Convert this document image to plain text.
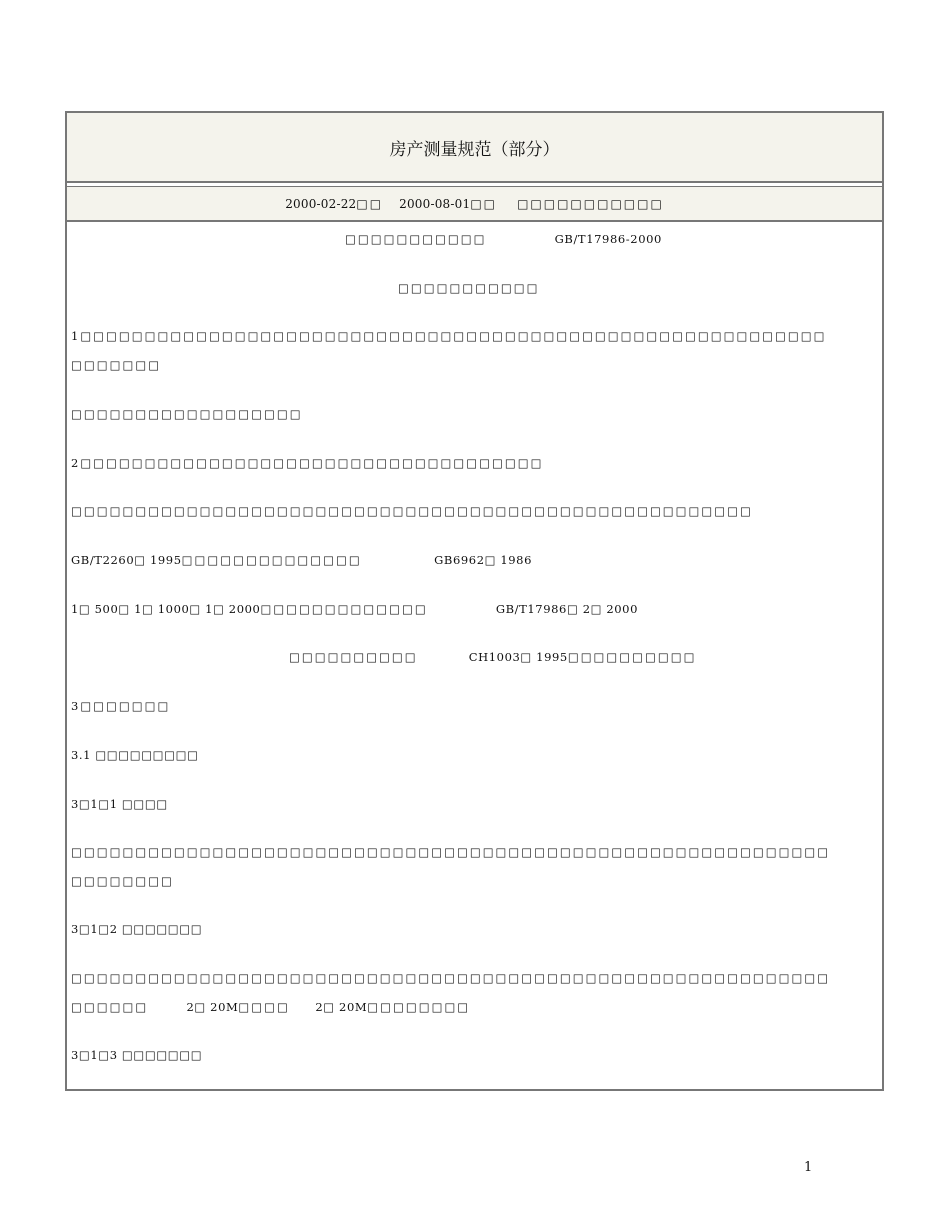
房产测量规范（部分）
2000-02-22 □□
2000-08-01 □□
□□□□□□□□□□□
□□□□□□□□□□□	GB/T17986-2000
□□□□□□□□□□□
1□□□□□□□□□□□□□□□□□□□□□□□□□□□□□□□□□□□□□□□□□□□□□□□□□□□□□□□□□□
□□□□□□□
□□□□□□□□□□□□□□□□□□
2□□□□□□□□□□□□□□□□□□□□□□□□□□□□□□□□□□□□
□□□□□□□□□□□□□□□□□□□□□□□□□□□□□□□□□□□□□□□□□□□□□□□□□□□□□
GB/T2260□ 1995□□□□□□□□□□□□□□	GB6962□ 1986
1□ 500□ 1□ 1000□ 1□ 2000□□□□□□□□□□□□□	GB/T17986□ 2□ 2000
□□□□□□□□□□	CH1003□ 1995□□□□□□□□□□
3□□□□□□□
3.1 □□□□□□□□□
3□1□1 □□□□
□□□□□□□□□□□□□□□□□□□□□□□□□□□□□□□□□□□□□□□□□□□□□□□□□□□□□□□□□□□
□□□□□□□□
3□1□2 □□□□□□□
□□□□□□□□□□□□□□□□□□□□□□□□□□□□□□□□□□□□□□□□□□□□□□□□□□□□□□□□□□□
□□□□□□	2□ 20M□□□□ 2□ 20M□□□□□□□□
3□1□3 □□□□□□□
1
